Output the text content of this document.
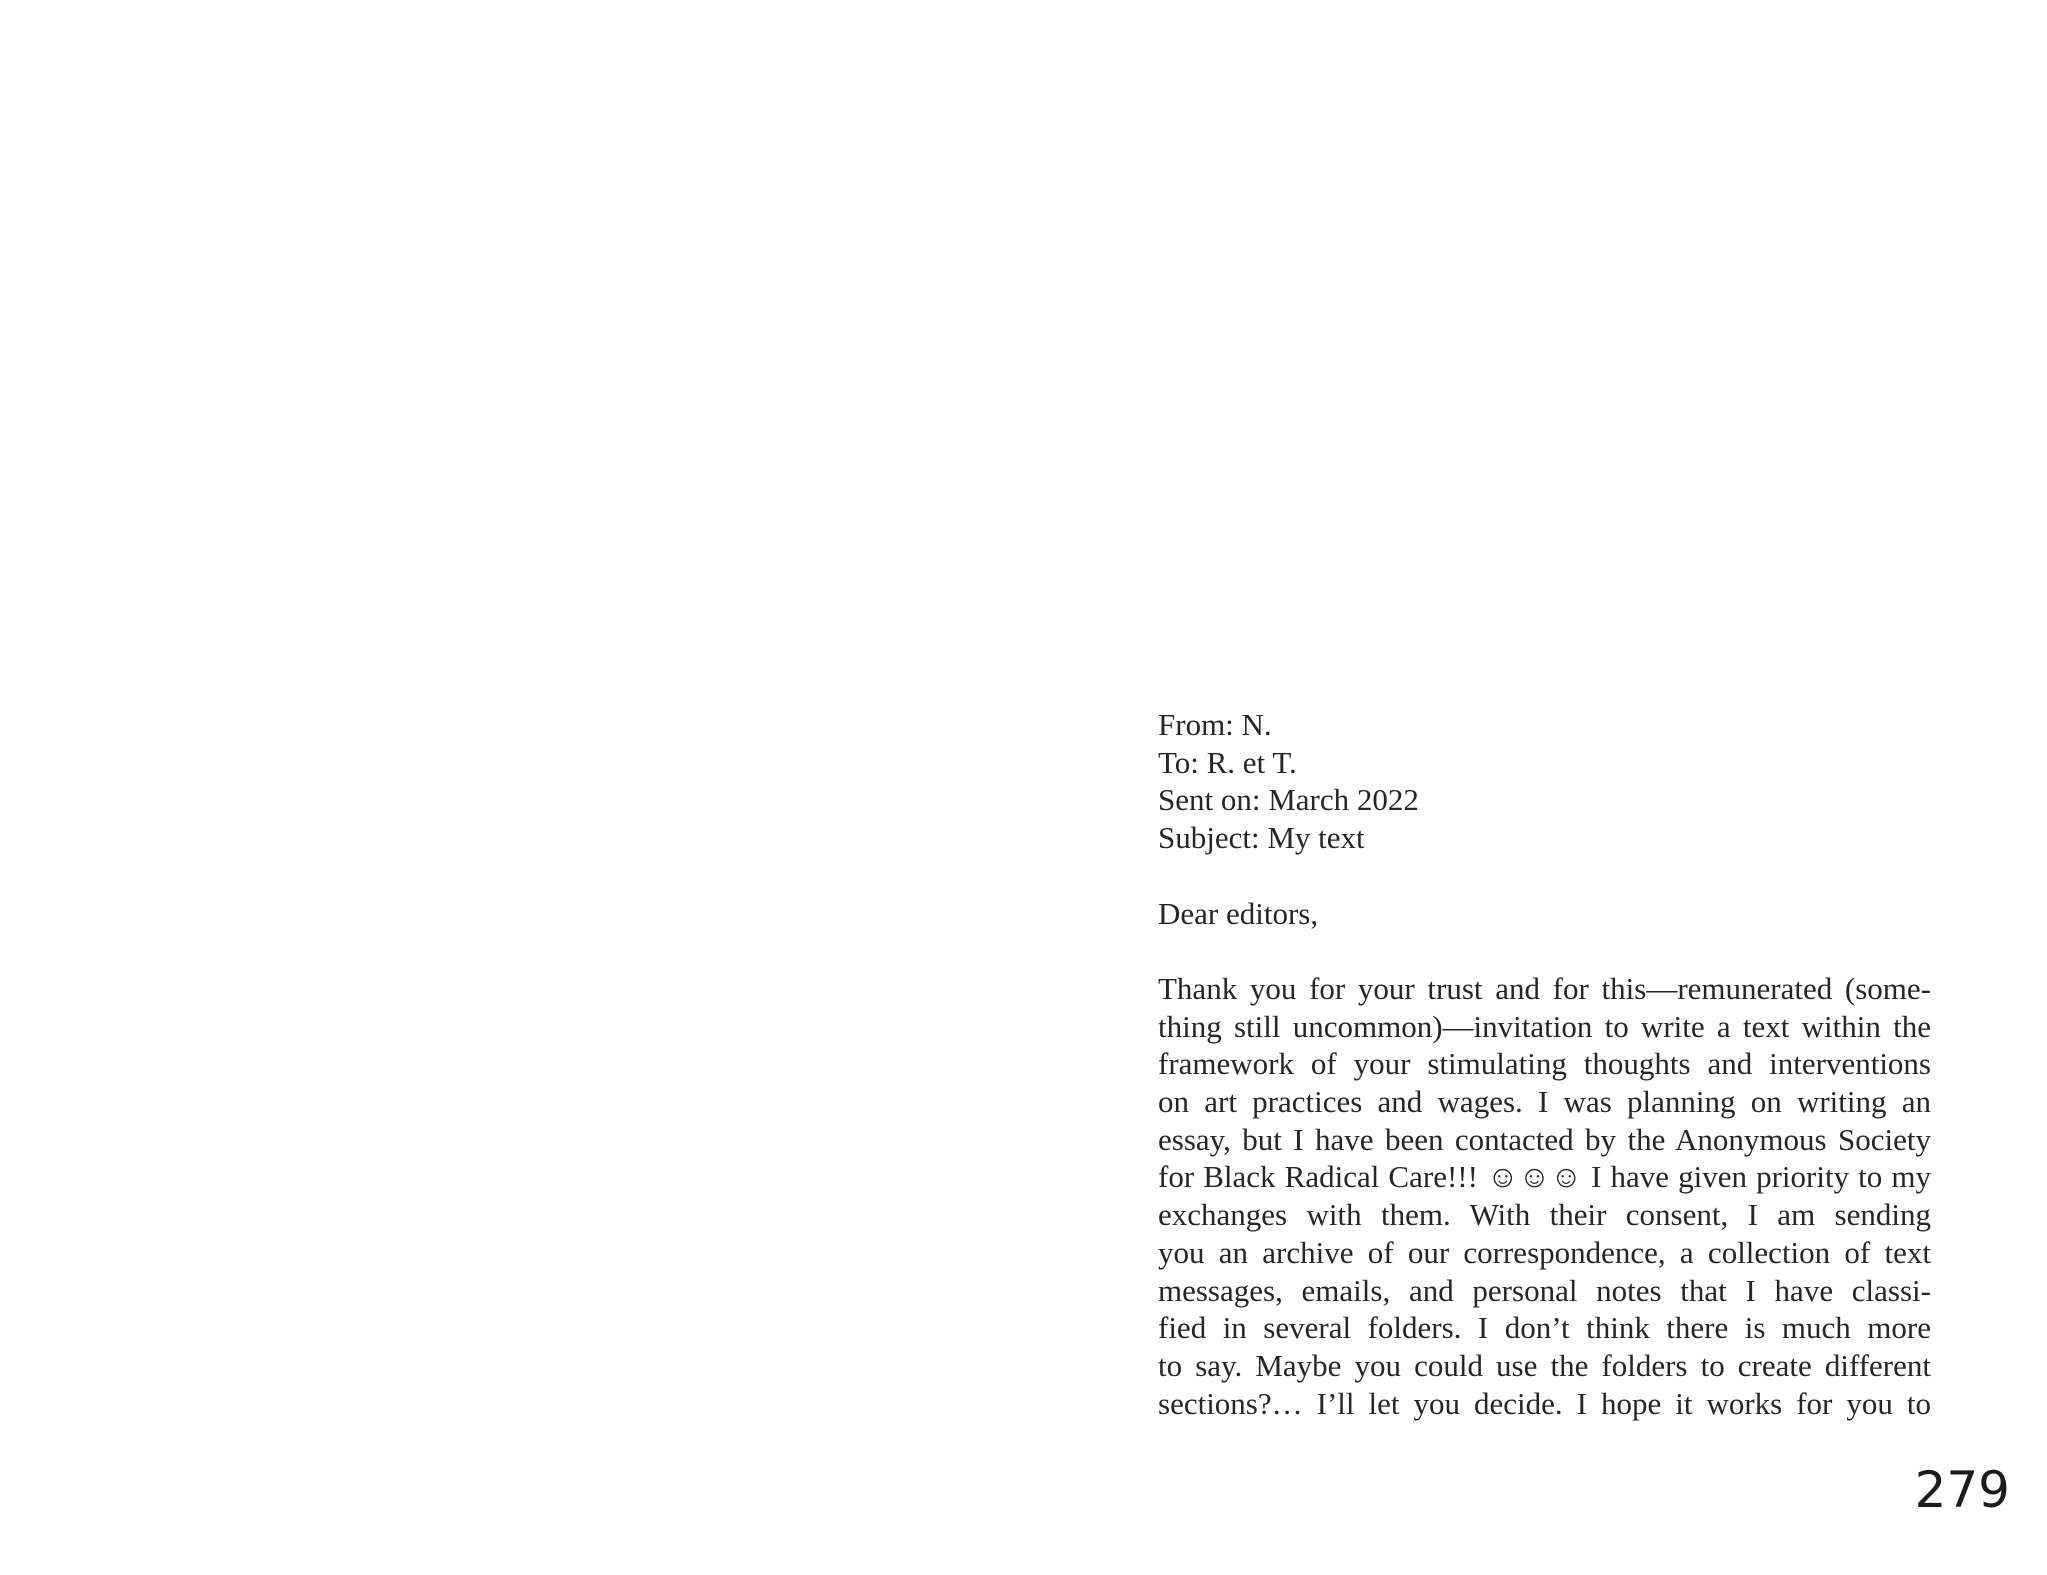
From: N.
To: R. et T.
Sent on: March 2022
Subject: My text
Dear editors,
Thank you for your trust and for this—remunerated (some-
thing still uncommon)—invitation to write a text within the
framework of your stimulating thoughts and interventions
on art practices and wages. I was planning on writing an
essay, but I have been contacted by the Anonymous Society
for Black Radical Care!!! ☺☺☺ I have given priority to my
exchanges with them. With their consent, I am sending
you an archive of our correspondence, a collection of text
messages, emails, and personal notes that I have classi-
fied in several folders. I don’t think there is much more
to say. Maybe you could use the folders to create different
sections?… I’ll let you decide. I hope it works for you to
279
